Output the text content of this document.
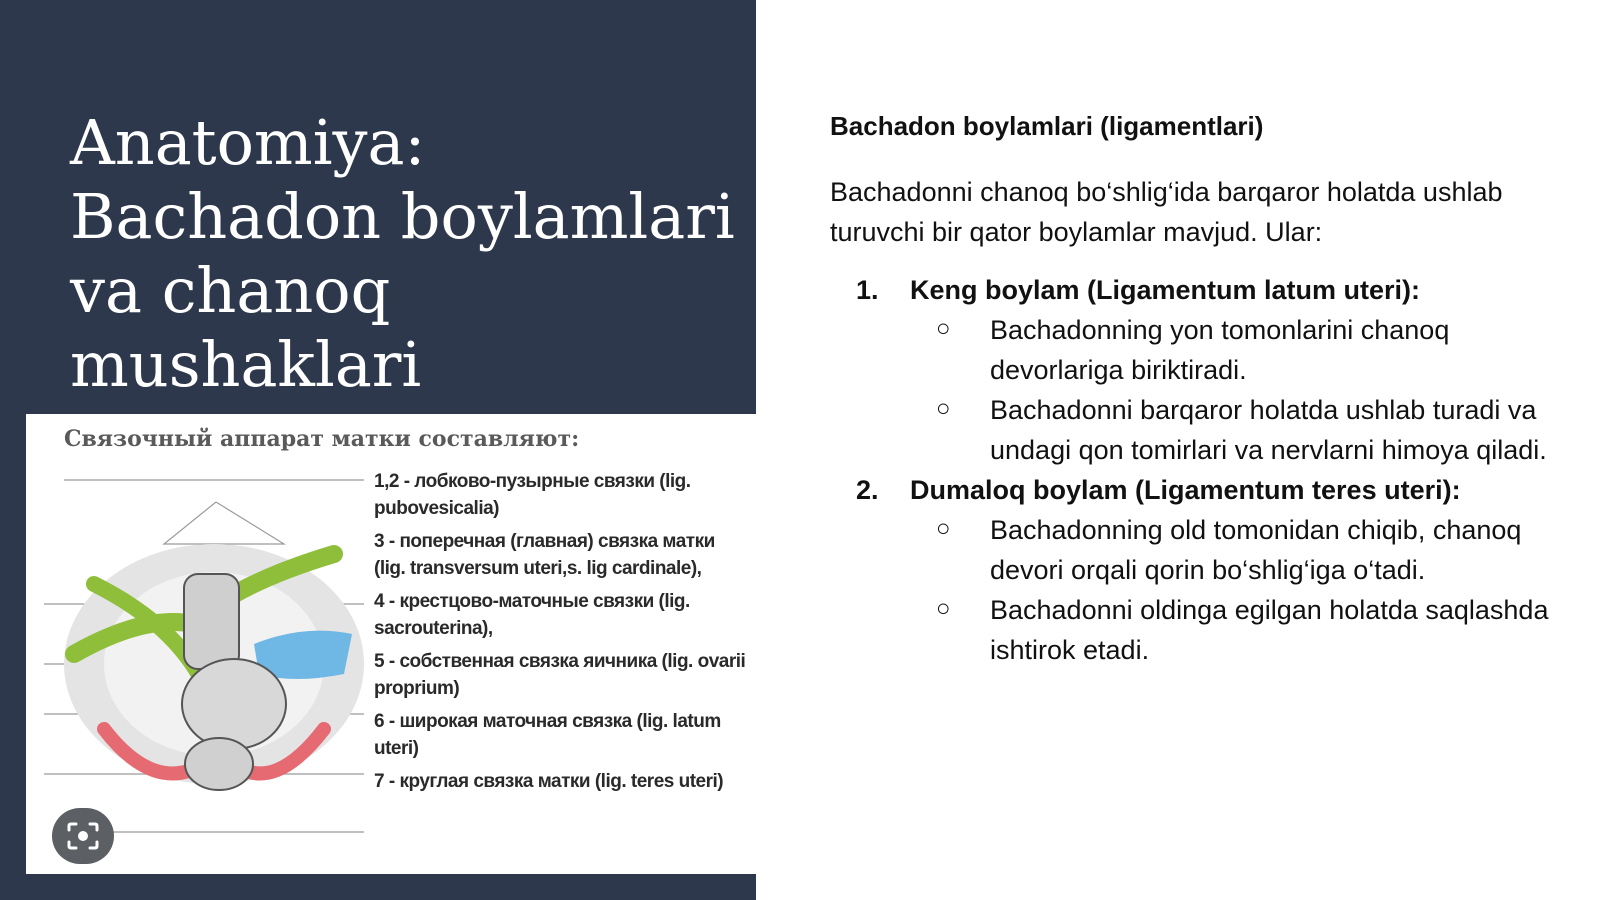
Anatomiya:
Bachadon boylamlari va chanoq mushaklari
Связочный аппарат матки составляют:
1,2 - лобково-пузырные связки (lig. pubovesicalia)
3 - поперечная (главная) связка матки (lig. transversum uteri,s. lig cardinale),
4 - крестцово-маточные связки (lig. sacrouterina),
5 - собственная связка яичника (lig. ovarii proprium)
6 - широкая маточная связка (lig. latum uteri)
7 - круглая связка матки (lig. teres uteri)
Bachadon boylamlari (ligamentlari)

Bachadonni chanoq bo‘shlig‘ida barqaror holatda ushlab turuvchi bir qator boylamlar mavjud. Ular:

1. Keng boylam (Ligamentum latum uteri):
○ Bachadonning yon tomonlarini chanoq devorlariga biriktiradi.
○ Bachadonni barqaror holatda ushlab turadi va undagi qon tomirlari va nervlarni himoya qiladi.
2. Dumaloq boylam (Ligamentum teres uteri):
○ Bachadonning old tomonidan chiqib, chanoq devori orqali qorin bo‘shlig‘iga o‘tadi.
○ Bachadonni oldinga egilgan holatda saqlashda ishtirok etadi.
